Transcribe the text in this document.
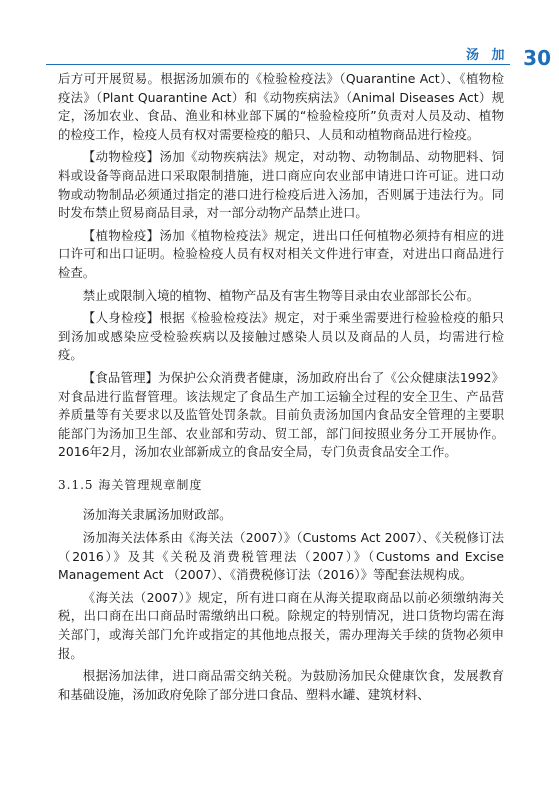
汤 加 30

后方可开展贸易。根据汤加颁布的《检验检疫法》（Quarantine Act）、《植物检疫法》（Plant Quarantine Act）和《动物疾病法》（Animal Diseases Act）规定，汤加农业、食品、渔业和林业部下属的“检验检疫所”负责对人员及动、植物的检疫工作，检疫人员有权对需要检疫的船只、人员和动植物商品进行检疫。

【动物检疫】汤加《动物疾病法》规定，对动物、动物制品、动物肥料、饲料或设备等商品进口采取限制措施，进口商应向农业部申请进口许可证。进口动物或动物制品必须通过指定的港口进行检疫后进入汤加，否则属于违法行为。同时发布禁止贸易商品目录，对一部分动物产品禁止进口。

【植物检疫】汤加《植物检疫法》规定，进出口任何植物必须持有相应的进口许可和出口证明。检验检疫人员有权对相关文件进行审查，对进出口商品进行检查。

禁止或限制入境的植物、植物产品及有害生物等目录由农业部部长公布。

【人身检疫】根据《检验检疫法》规定，对于乘坐需要进行检验检疫的船只到汤加或感染应受检验疾病以及接触过感染人员以及商品的人员，均需进行检疫。

【食品管理】为保护公众消费者健康，汤加政府出台了《公众健康法1992》对食品进行监督管理。该法规定了食品生产加工运输全过程的安全卫生、产品营养质量等有关要求以及监管处罚条款。目前负责汤加国内食品安全管理的主要职能部门为汤加卫生部、农业部和劳动、贸工部，部门间按照业务分工开展协作。2016年2月，汤加农业部新成立的食品安全局，专门负责食品安全工作。

3.1.5 海关管理规章制度

汤加海关隶属汤加财政部。

汤加海关法体系由《海关法（2007）》（Customs Act 2007）、《关税修订法（2016）》及其《关税及消费税管理法（2007）》（Customs and Excise Management Act （2007）、《消费税修订法（2016）》等配套法规构成。

《海关法（2007）》规定，所有进口商在从海关提取商品以前必须缴纳海关税，出口商在出口商品时需缴纳出口税。除规定的特别情况，进口货物均需在海关部门，或海关部门允许或指定的其他地点报关，需办理海关手续的货物必须申报。

根据汤加法律，进口商品需交纳关税。为鼓励汤加民众健康饮食，发展教育和基础设施，汤加政府免除了部分进口食品、塑料水罐、建筑材料、
